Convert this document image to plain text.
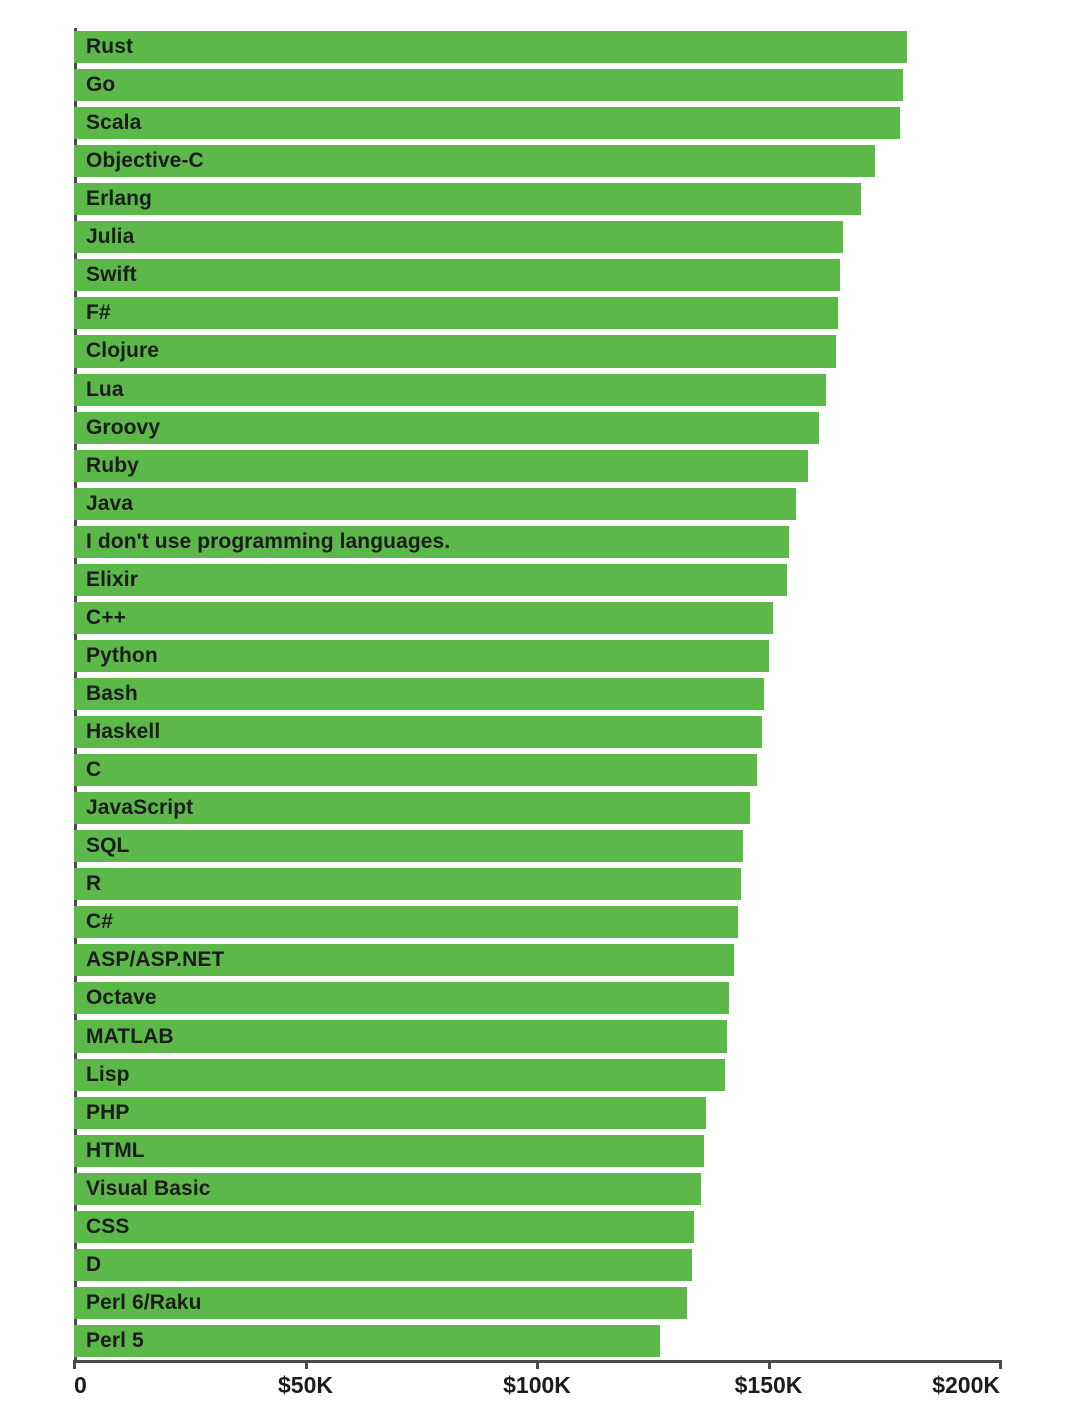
Rust
Go
Scala
Objective-C
Erlang
Julia
Swift
F#
Clojure
Lua
Groovy
Ruby
Java
I don't use programming languages.
Elixir
C++
Python
Bash
Haskell
C
JavaScript
SQL
R
C#
ASP/ASP.NET
Octave
MATLAB
Lisp
PHP
HTML
Visual Basic
CSS
D
Perl 6/Raku
Perl 5
0	$50K	$100K	$150K	$200K
